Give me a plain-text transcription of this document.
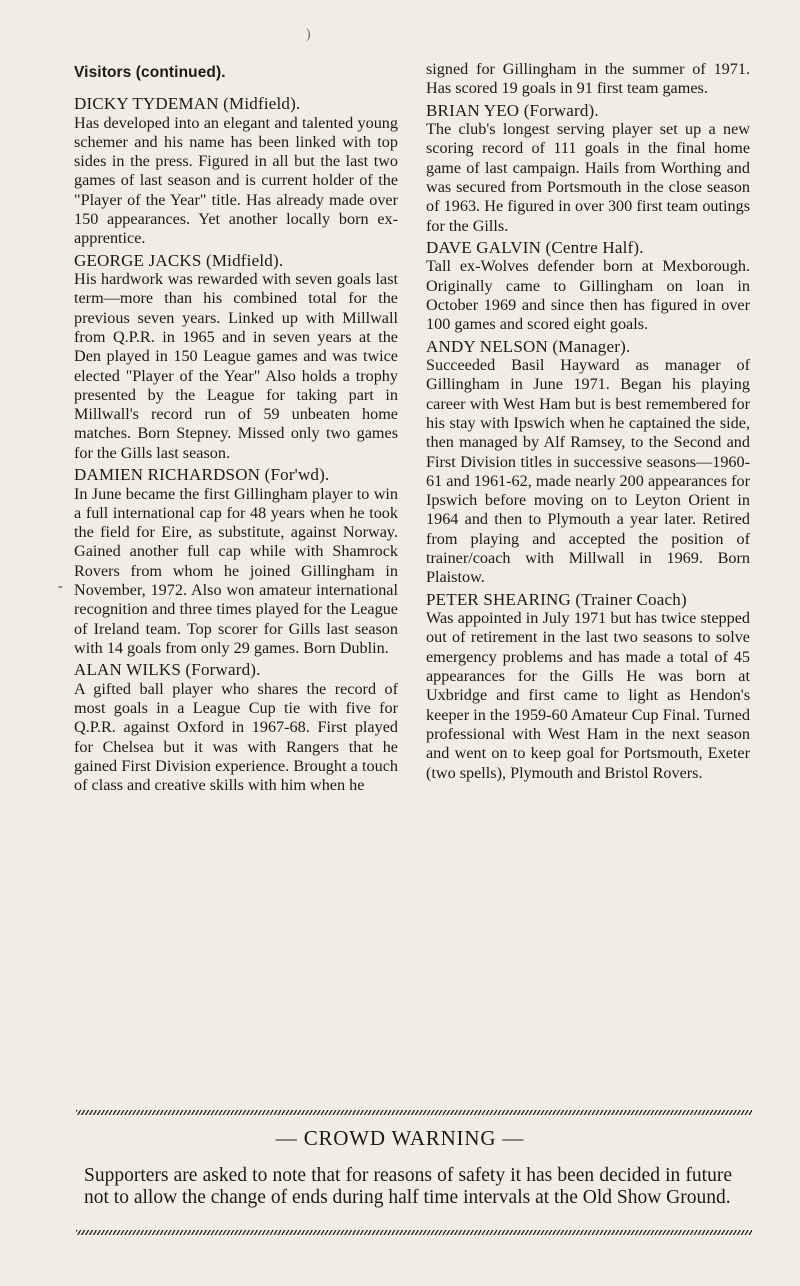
)
-
Visitors (continued).
DICKY TYDEMAN (Midfield).
Has developed into an elegant and talented young schemer and his name has been linked with top sides in the press. Figured in all but the last two games of last season and is current holder of the "Player of the Year" title. Has already made over 150 appearances. Yet another locally born ex-apprentice.
GEORGE JACKS (Midfield).
His hardwork was rewarded with seven goals last term—more than his combined total for the previous seven years. Linked up with Millwall from Q.P.R. in 1965 and in seven years at the Den played in 150 League games and was twice elected "Player of the Year" Also holds a trophy presented by the League for taking part in Millwall's record run of 59 unbeaten home matches. Born Stepney. Missed only two games for the Gills last season.
DAMIEN RICHARDSON (For'wd).
In June became the first Gillingham player to win a full international cap for 48 years when he took the field for Eire, as substitute, against Norway. Gained another full cap while with Shamrock Rovers from whom he joined Gillingham in November, 1972. Also won amateur international recognition and three times played for the League of Ireland team. Top scorer for Gills last season with 14 goals from only 29 games. Born Dublin.
ALAN WILKS (Forward).
A gifted ball player who shares the record of most goals in a League Cup tie with five for Q.P.R. against Oxford in 1967-68. First played for Chelsea but it was with Rangers that he gained First Division experience. Brought a touch of class and creative skills with him when he
signed for Gillingham in the summer of 1971. Has scored 19 goals in 91 first team games.
BRIAN YEO (Forward).
The club's longest serving player set up a new scoring record of 111 goals in the final home game of last campaign. Hails from Worthing and was secured from Portsmouth in the close season of 1963. He figured in over 300 first team outings for the Gills.
DAVE GALVIN (Centre Half).
Tall ex-Wolves defender born at Mexborough. Originally came to Gillingham on loan in October 1969 and since then has figured in over 100 games and scored eight goals.
ANDY NELSON (Manager).
Succeeded Basil Hayward as manager of Gillingham in June 1971. Began his playing career with West Ham but is best remembered for his stay with Ipswich when he captained the side, then managed by Alf Ramsey, to the Second and First Division titles in successive seasons—1960-61 and 1961-62, made nearly 200 appearances for Ipswich before moving on to Leyton Orient in 1964 and then to Plymouth a year later. Retired from playing and accepted the position of trainer/coach with Millwall in 1969. Born Plaistow.
PETER SHEARING (Trainer Coach)
Was appointed in July 1971 but has twice stepped out of retirement in the last two seasons to solve emergency problems and has made a total of 45 appearances for the Gills He was born at Uxbridge and first came to light as Hendon's keeper in the 1959-60 Amateur Cup Final. Turned professional with West Ham in the next season and went on to keep goal for Portsmouth, Exeter (two spells), Plymouth and Bristol Rovers.
— CROWD WARNING —
Supporters are asked to note that for reasons of safety it has been decided in future not to allow the change of ends during half time intervals at the Old Show Ground.
